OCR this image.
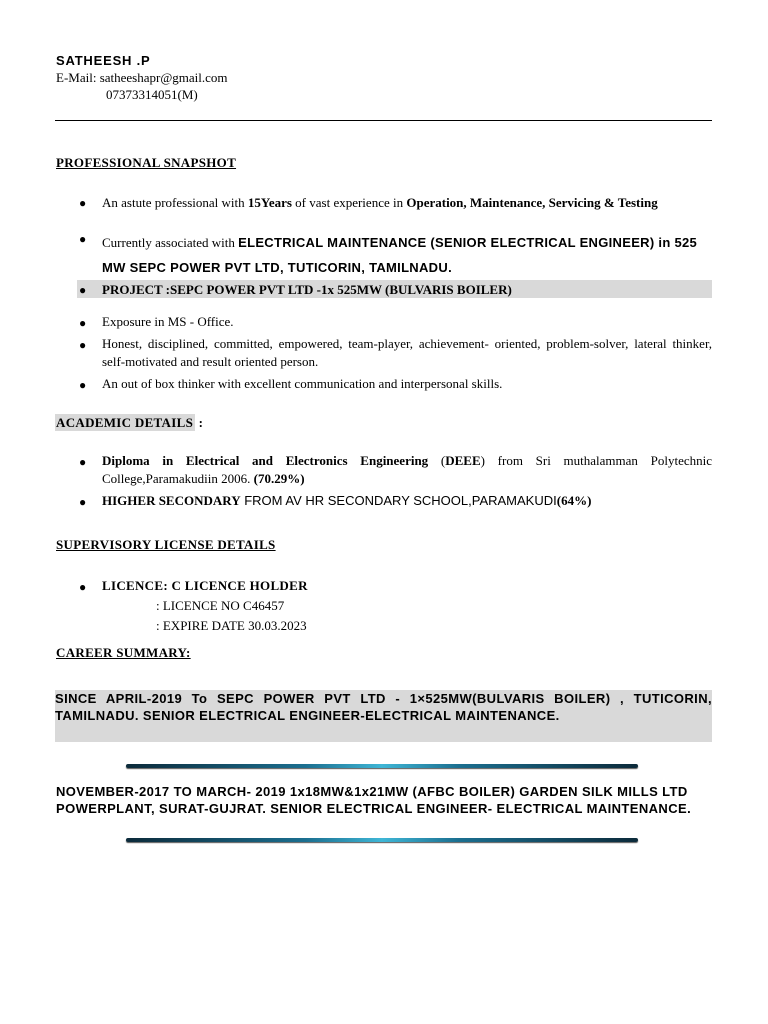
SATHEESH .P
E-Mail: satheeshapr@gmail.com
07373314051(M)
PROFESSIONAL SNAPSHOT
● An astute professional with 15Years of vast experience in Operation, Maintenance, Servicing & Testing
● Currently associated with ELECTRICAL MAINTENANCE (SENIOR ELECTRICAL ENGINEER) in 525 MW SEPC POWER PVT LTD, TUTICORIN, TAMILNADU.
● PROJECT :SEPC POWER PVT LTD -1x 525MW (BULVARIS BOILER)
● Exposure in MS - Office.
● Honest, disciplined, committed, empowered, team-player, achievement- oriented, problem-solver, lateral thinker, self-motivated and result oriented person.
● An out of box thinker with excellent communication and interpersonal skills.
ACADEMIC DETAILS :
● Diploma in Electrical and Electronics Engineering (DEEE) from Sri muthalamman Polytechnic College,Paramakudiin 2006. (70.29%)
● HIGHER SECONDARY FROM AV HR SECONDARY SCHOOL,PARAMAKUDI(64%)
SUPERVISORY LICENSE DETAILS
● LICENCE: C LICENCE HOLDER
: LICENCE NO C46457
: EXPIRE DATE 30.03.2023
CAREER SUMMARY:
SINCE APRIL-2019 To SEPC POWER PVT LTD - 1×525MW(BULVARIS BOILER) , TUTICORIN, TAMILNADU. SENIOR ELECTRICAL ENGINEER-ELECTRICAL MAINTENANCE.
NOVEMBER-2017 TO MARCH- 2019 1x18MW&1x21MW (AFBC BOILER) GARDEN SILK MILLS LTD POWERPLANT, SURAT-GUJRAT. SENIOR ELECTRICAL ENGINEER- ELECTRICAL MAINTENANCE.
